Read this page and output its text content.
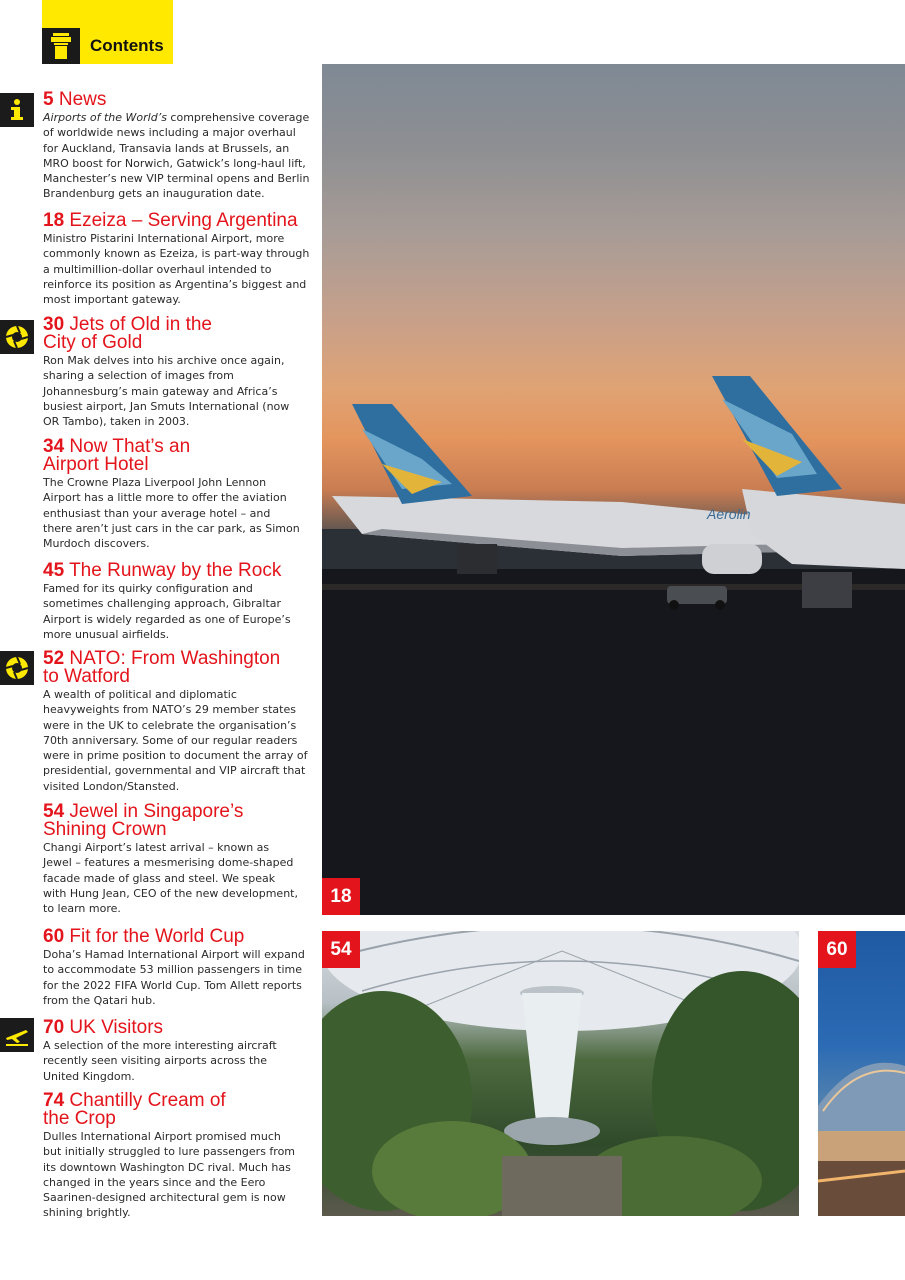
Contents
5 News

Airports of the World’s comprehensive coverage of worldwide news including a major overhaul for Auckland, Transavia lands at Brussels, an MRO boost for Norwich, Gatwick’s long-haul lift, Manchester’s new VIP terminal opens and Berlin Brandenburg gets an inauguration date.

18 Ezeiza – Serving Argentina

Ministro Pistarini International Airport, more commonly known as Ezeiza, is part-way through a multimillion-dollar overhaul intended to reinforce its position as Argentina’s biggest and most important gateway.

30 Jets of Old in the City of Gold

Ron Mak delves into his archive once again, sharing a selection of images from Johannesburg’s main gateway and Africa’s busiest airport, Jan Smuts International (now OR Tambo), taken in 2003.

34 Now That’s an Airport Hotel

The Crowne Plaza Liverpool John Lennon Airport has a little more to offer the aviation enthusiast than your average hotel – and there aren’t just cars in the car park, as Simon Murdoch discovers.

45 The Runway by the Rock

Famed for its quirky configuration and sometimes challenging approach, Gibraltar Airport is widely regarded as one of Europe’s more unusual airfields.

52 NATO: From Washington to Watford

A wealth of political and diplomatic heavyweights from NATO’s 29 member states were in the UK to celebrate the organisation’s 70th anniversary. Some of our regular readers were in prime position to document the array of presidential, governmental and VIP aircraft that visited London/Stansted.

54 Jewel in Singapore’s Shining Crown

Changi Airport’s latest arrival – known as Jewel – features a mesmerising dome-shaped facade made of glass and steel. We speak with Hung Jean, CEO of the new development, to learn more.

60 Fit for the World Cup

Doha’s Hamad International Airport will expand to accommodate 53 million passengers in time for the 2022 FIFA World Cup. Tom Allett reports from the Qatari hub.

70 UK Visitors

A selection of the more interesting aircraft recently seen visiting airports across the United Kingdom.

74 Chantilly Cream of the Crop

Dulles International Airport promised much but initially struggled to lure passengers from its downtown Washington DC rival. Much has changed in the years since and the Eero Saarinen-designed architectural gem is now shining brightly.

Aerolin
18
54	60
